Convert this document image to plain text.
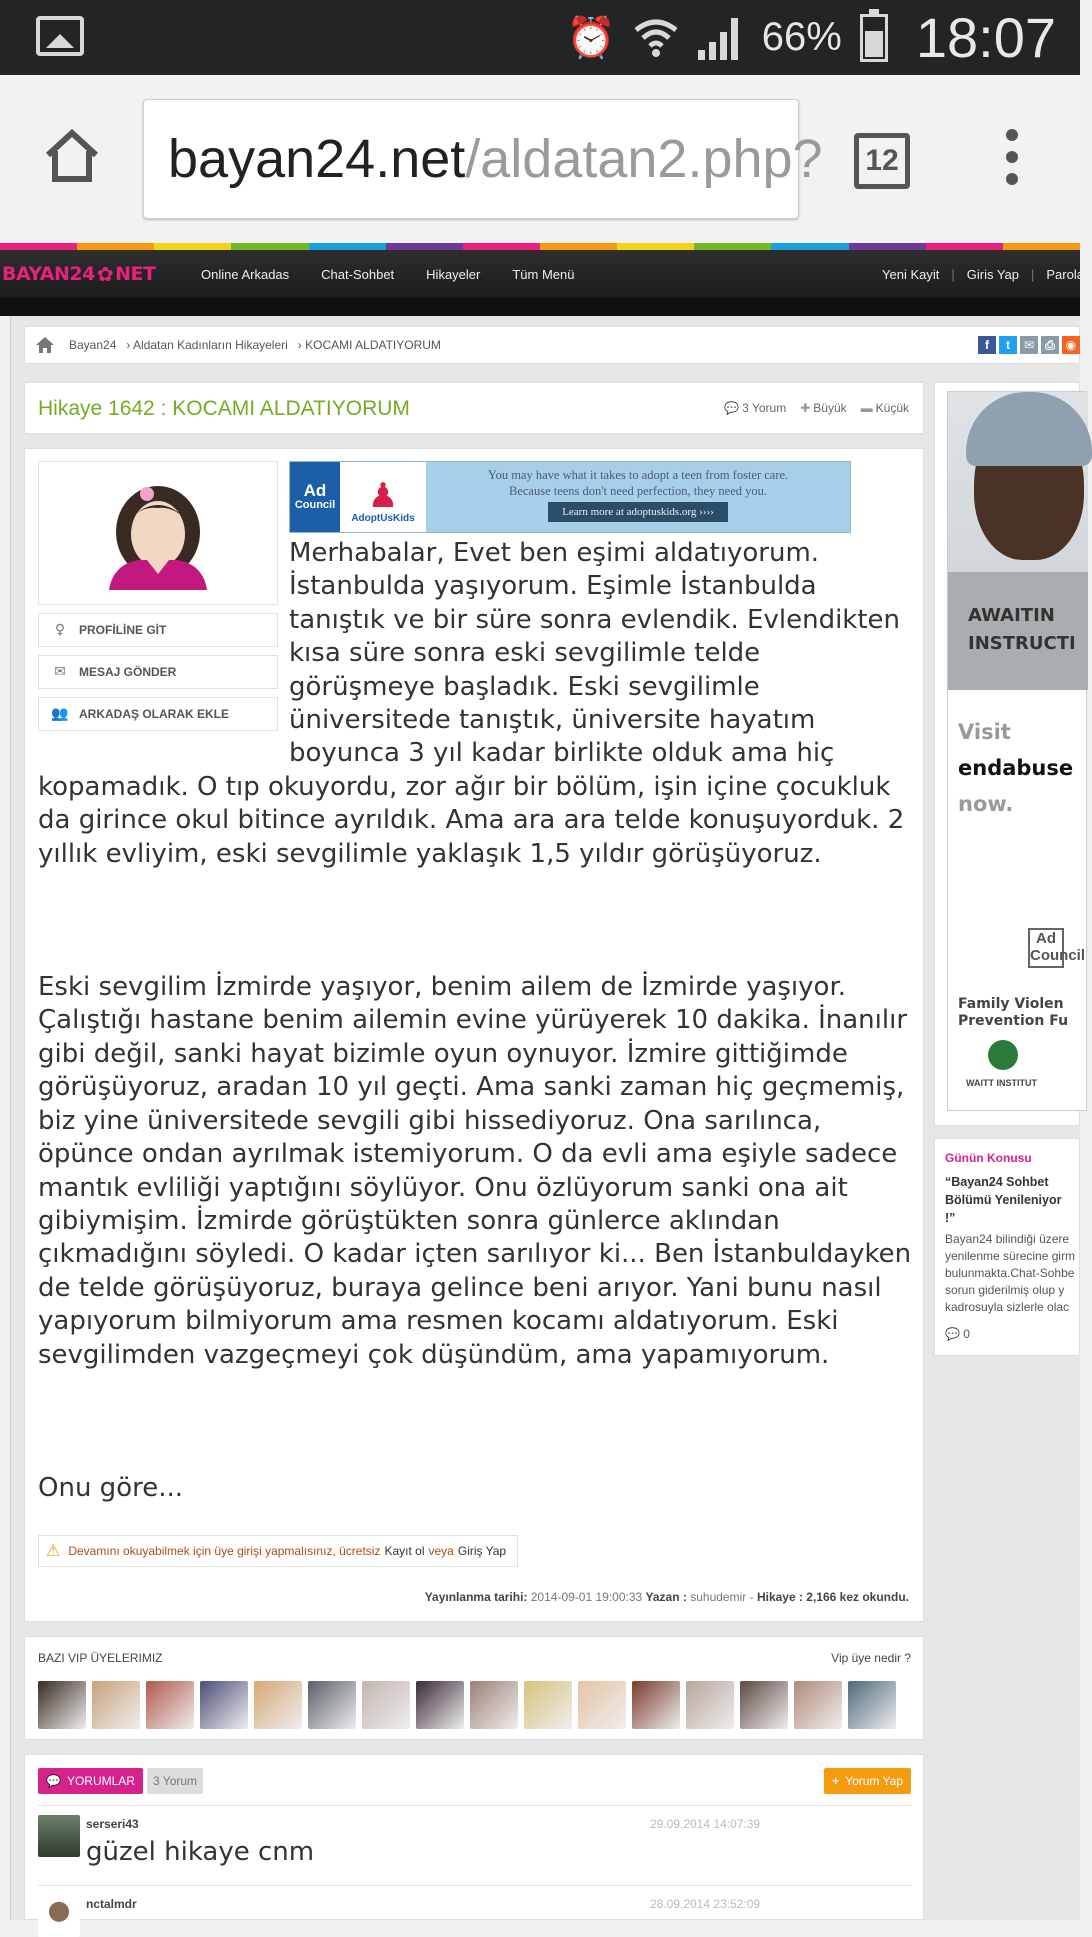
⏰	66% 18:07
bayan24.net /aldatan2.php?	12
BAYAN24 ✿ NET	Online Arkadas Chat-Sohbet Hikayeler Tüm Menü	Yeni Kayit | Giris Yap | Parolar
Bayan24 › Aldatan Kadınların Hikayeleri › KOCAMI ALDATIYORUM	f	t	✉ ⎙ ◉
Hikaye 1642 : KOCAMI ALDATIYORUM	💬 3 Yorum ✚ Büyük ▬ Küçük
♀	PROFİLİNE GİT
✉ MESAJ GÖNDER
👥 ARKADAŞ OLARAK EKLE
Ad
Council ♟
AdoptUsKids
You may have what it takes to adopt a teen from foster care.
Because teens don't need perfection, they need you.
Learn more at adoptuskids.org ››››

Merhabalar, Evet ben eşimi aldatıyorum. İstanbulda yaşıyorum. Eşimle İstanbulda tanıştık ve bir süre sonra evlendik. Evlendikten kısa süre sonra eski sevgilimle telde görüşmeye başladık. Eski sevgilimle üniversitede tanıştık, üniversite hayatım boyunca 3 yıl kadar birlikte olduk ama hiç kopamadık. O tıp okuyordu, zor ağır bir bölüm, işin içine çocukluk da girince okul bitince ayrıldık. Ama ara ara telde konuşuyorduk. 2 yıllık evliyim, eski sevgilimle yaklaşık 1,5 yıldır görüşüyoruz.

Eski sevgilim İzmirde yaşıyor, benim ailem de İzmirde yaşıyor. Çalıştığı hastane benim ailemin evine yürüyerek 10 dakika. İnanılır gibi değil, sanki hayat bizimle oyun oynuyor. İzmire gittiğimde görüşüyoruz, aradan 10 yıl geçti. Ama sanki zaman hiç geçmemiş, biz yine üniversitede sevgili gibi hissediyoruz. Ona sarılınca, öpünce ondan ayrılmak istemiyorum. O da evli ama eşiyle sadece mantık evliliği yaptığını söylüyor. Onu özlüyorum sanki ona ait gibiymişim. İzmirde görüştükten sonra günlerce aklından çıkmadığını söyledi. O kadar içten sarılıyor ki... Ben İstanbuldayken de telde görüşüyoruz, buraya gelince beni arıyor. Yani bunu nasıl yapıyorum bilmiyorum ama resmen kocamı aldatıyorum. Eski sevgilimden vazgeçmeyi çok düşündüm, ama yapamıyorum.

Onu göre...

⚠ Devamını okuyabilmek için üye girişi yapmalısınız, ücretsiz Kayıt ol veya Giriş Yap
Yayınlanma tarihi: 2014-09-01 19:00:33 Yazan : suhudemir - Hikaye : 2,166 kez okundu.
BAZI VIP ÜYELERIMIZ	Vip üye nedir ?
💬 YORUMLAR	3 Yorum	+ Yorum Yap
serseri43	29.09.2014 14:07:39
güzel hikaye cnm
nctalmdr	28.09.2014 23:52:09
AWAITIN
INSTRUCTI
Visit
endabuse
now.
Ad Council
Family Violen
Prevention Fu
WAITT INSTITUT
Günün Konusu
“Bayan24 Sohbet Bölümü Yenileniyor !”
Bayan24 bilindiği üzere
yenilenme sürecine girm
bulunmakta.Chat-Sohbe
sorun giderilmiş olup y
kadrosuyla sizlerle olac
💬 0
